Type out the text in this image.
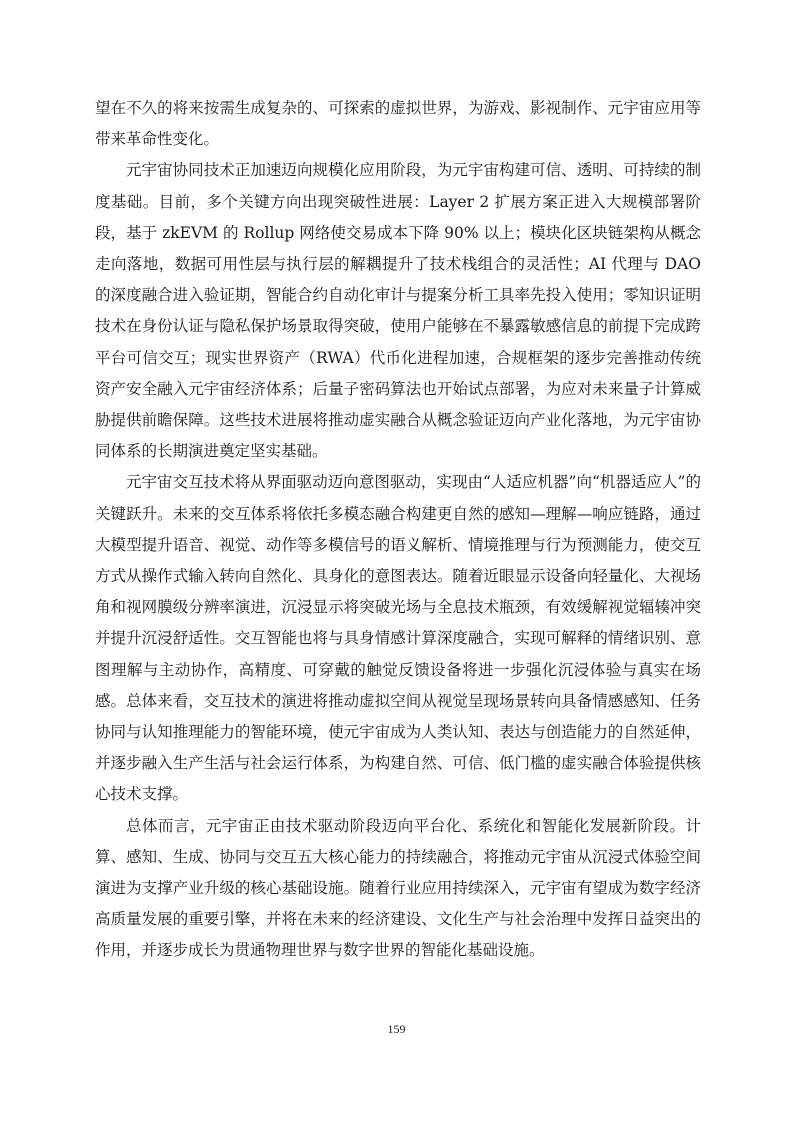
望在不久的将来按需生成复杂的、可探索的虚拟世界，为游戏、影视制作、元宇宙应用等带来革命性变化。

元宇宙协同技术正加速迈向规模化应用阶段，为元宇宙构建可信、透明、可持续的制度基础。目前，多个关键方向出现突破性进展：Layer 2 扩展方案正进入大规模部署阶段，基于 zkEVM 的 Rollup 网络使交易成本下降 90% 以上；模块化区块链架构从概念走向落地，数据可用性层与执行层的解耦提升了技术栈组合的灵活性；AI 代理与 DAO 的深度融合进入验证期，智能合约自动化审计与提案分析工具率先投入使用；零知识证明技术在身份认证与隐私保护场景取得突破，使用户能够在不暴露敏感信息的前提下完成跨平台可信交互；现实世界资产（RWA）代币化进程加速，合规框架的逐步完善推动传统资产安全融入元宇宙经济体系；后量子密码算法也开始试点部署，为应对未来量子计算威胁提供前瞻保障。这些技术进展将推动虚实融合从概念验证迈向产业化落地，为元宇宙协同体系的长期演进奠定坚实基础。

元宇宙交互技术将从界面驱动迈向意图驱动，实现由“人适应机器”向“机器适应人”的关键跃升。未来的交互体系将依托多模态融合构建更自然的感知—理解—响应链路，通过大模型提升语音、视觉、动作等多模信号的语义解析、情境推理与行为预测能力，使交互方式从操作式输入转向自然化、具身化的意图表达。随着近眼显示设备向轻量化、大视场角和视网膜级分辨率演进，沉浸显示将突破光场与全息技术瓶颈，有效缓解视觉辐辏冲突并提升沉浸舒适性。交互智能也将与具身情感计算深度融合，实现可解释的情绪识别、意图理解与主动协作，高精度、可穿戴的触觉反馈设备将进一步强化沉浸体验与真实在场感。总体来看，交互技术的演进将推动虚拟空间从视觉呈现场景转向具备情感感知、任务协同与认知推理能力的智能环境，使元宇宙成为人类认知、表达与创造能力的自然延伸，并逐步融入生产生活与社会运行体系，为构建自然、可信、低门槛的虚实融合体验提供核心技术支撑。

总体而言，元宇宙正由技术驱动阶段迈向平台化、系统化和智能化发展新阶段。计算、感知、生成、协同与交互五大核心能力的持续融合，将推动元宇宙从沉浸式体验空间演进为支撑产业升级的核心基础设施。随着行业应用持续深入，元宇宙有望成为数字经济高质量发展的重要引擎，并将在未来的经济建设、文化生产与社会治理中发挥日益突出的作用，并逐步成长为贯通物理世界与数字世界的智能化基础设施。

159
